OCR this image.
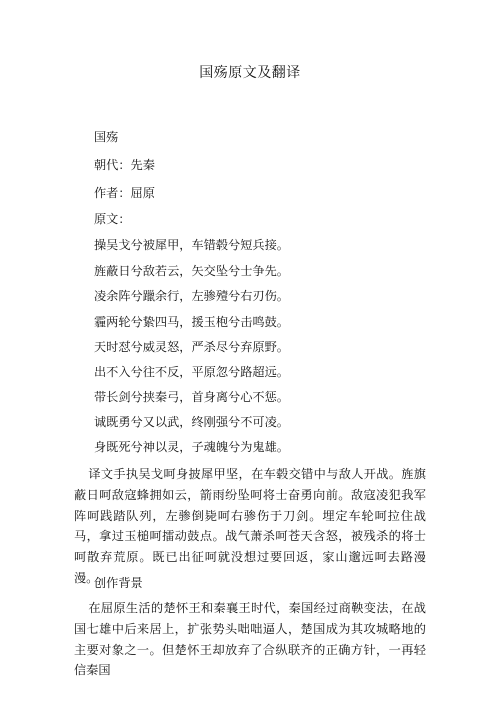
国殇原文及翻译
国殇
朝代：先秦
作者：屈原
原文：
操吴戈兮被犀甲，车错毂兮短兵接。
旌蔽日兮敌若云，矢交坠兮士争先。
凌余阵兮躐余行，左骖殪兮右刃伤。
霾两轮兮絷四马，援玉枹兮击鸣鼓。
天时怼兮威灵怒，严杀尽兮弃原野。
出不入兮往不反，平原忽兮路超远。
带长剑兮挟秦弓，首身离兮心不惩。
诚既勇兮又以武，终刚强兮不可凌。
身既死兮神以灵，子魂魄兮为鬼雄。
译文手执吴戈呵身披犀甲坚，在车毂交错中与敌人开战。旌旗蔽日呵敌寇蜂拥如云，箭雨纷坠呵将士奋勇向前。敌寇凌犯我军阵呵践踏队列，左骖倒毙呵右骖伤于刀剑。埋定车轮呵拉住战马，拿过玉槌呵擂动鼓点。战气萧杀呵苍天含怒，被残杀的将士呵散弃荒原。既已出征呵就没想过要回返，家山邈远呵去路漫漫。
创作背景
在屈原生活的楚怀王和秦襄王时代，秦国经过商鞅变法，在战国七雄中后来居上，扩张势头咄咄逼人，楚国成为其攻城略地的主要对象之一。但楚怀王却放弃了合纵联齐的正确方针，一再轻信秦国
